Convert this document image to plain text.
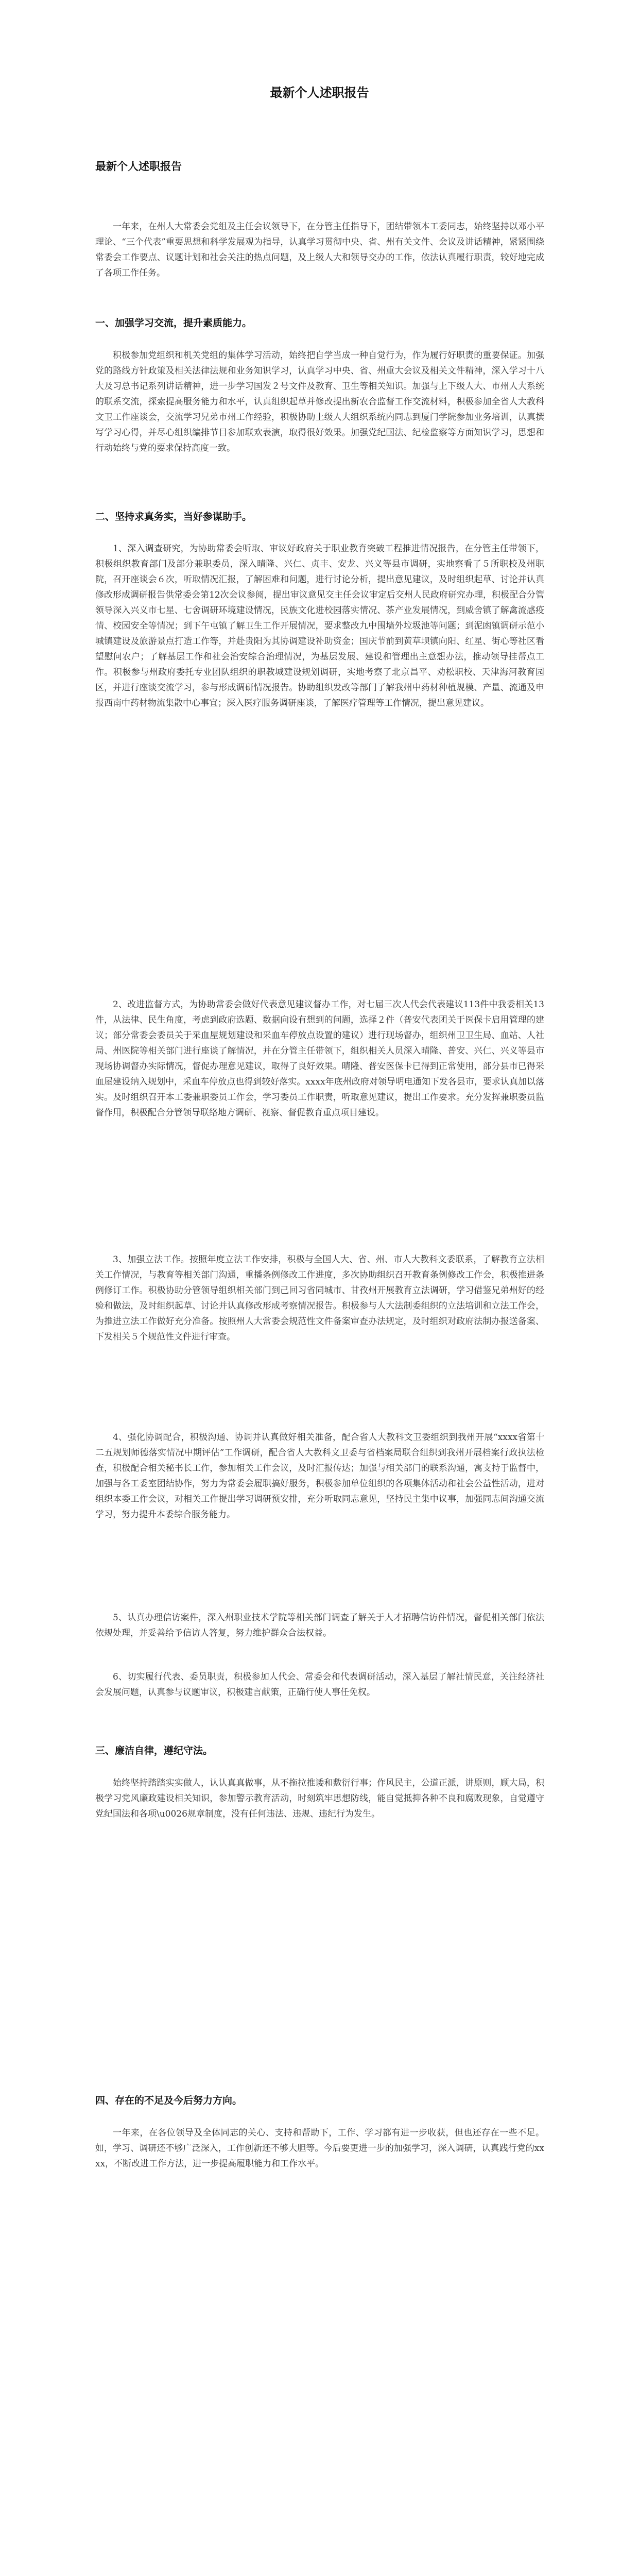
最新个人述职报告
最新个人述职报告

一年来，在州人大常委会党组及主任会议领导下，在分管主任指导下，团结带领本工委同志，始终坚持以邓小平理论、“三个代表”重要思想和科学发展观为指导，认真学习贯彻中央、省、州有关文件、会议及讲话精神，紧紧围绕常委会工作要点、议题计划和社会关注的热点问题，及上级人大和领导交办的工作，依法认真履行职责，较好地完成了各项工作任务。

一、加强学习交流，提升素质能力。

积极参加党组织和机关党组的集体学习活动，始终把自学当成一种自觉行为，作为履行好职责的重要保证。加强党的路线方针政策及相关法律法规和业务知识学习，认真学习中央、省、州重大会议及相关文件精神，深入学习十八大及习总书记系列讲话精神，进一步学习国发２号文件及教育、卫生等相关知识。加强与上下级人大、市州人大系统的联系交流，探索提高服务能力和水平，认真组织起草并修改提出新农合监督工作交流材料，积极参加全省人大教科文卫工作座谈会，交流学习兄弟市州工作经验，积极协助上级人大组织系统内同志到厦门学院参加业务培训，认真撰写学习心得，并尽心组织编排节目参加联欢表演，取得很好效果。加强党纪国法、纪检监察等方面知识学习，思想和行动始终与党的要求保持高度一致。

二、坚持求真务实，当好参谋助手。

1、深入调查研究，为协助常委会听取、审议好政府关于职业教育突破工程推进情况报告，在分管主任带领下，积极组织教育部门及部分兼职委员，深入晴隆、兴仁、贞丰、安龙、兴义等县市调研，实地察看了５所职校及州职院，召开座谈会６次，听取情况汇报，了解困难和问题，进行讨论分析，提出意见建议，及时组织起草、讨论并认真修改形成调研报告供常委会第12次会议参阅，提出审议意见交主任会议审定后交州人民政府研究办理，积极配合分管领导深入兴义市七星、七舍调研环境建设情况，民族文化进校园落实情况、茶产业发展情况，到威舍镇了解禽流感疫情、校园安全等情况；到下午屯镇了解卫生工作开展情况，要求整改九中围墙外垃圾池等问题；到泥凼镇调研示范小城镇建设及旅游景点打造工作等，并赴贵阳为其协调建设补助资金；国庆节前到黄草坝镇向阳、红星、街心等社区看望慰问农户；了解基层工作和社会治安综合治理情况，为基层发展、建设和管理出主意想办法，推动领导挂帮点工作。积极参与州政府委托专业团队组织的职教城建设规划调研，实地考察了北京昌平、劝松职校、天津海河教育园区，并进行座谈交流学习，参与形成调研情况报告。协助组织发改等部门了解我州中药材种植规模、产量、流通及申报西南中药材物流集散中心事宜；深入医疗服务调研座谈，了解医疗管理等工作情况，提出意见建议。

2、改进监督方式，为协助常委会做好代表意见建议督办工作，对七届三次人代会代表建议113件中我委相关13件，从法律、民生角度，考虑到政府选题、数据向设有想到的问题，选择２件（普安代表团关于医保卡启用管理的建议；部分常委会委员关于采血屋规划建设和采血车停放点设置的建议）进行现场督办，组织州卫卫生局、血站、人社局、州医院等相关部门进行座谈了解情况，并在分管主任带领下，组织相关人员深入晴隆、普安、兴仁、兴义等县市现场协调督办实际情况，督促办理意见建议，取得了良好效果。晴隆、普安医保卡已得到正常使用，部分县市已得采血屋建设纳入规划中，采血车停放点也得到较好落实。xxxx年底州政府对领导明电通知下发各县市，要求认真加以落实。及时组织召开本工委兼职委员工作会，学习委员工作职责，听取意见建议，提出工作要求。充分发挥兼职委员监督作用，积极配合分管领导联络地方调研、视察、督促教育重点项目建设。

3、加强立法工作。按照年度立法工作安排，积极与全国人大、省、州、市人大教科文委联系，了解教育立法相关工作情况，与教育等相关部门沟通，重播条例修改工作进度，多次协助组织召开教育条例修改工作会，积极推进条例修订工作。积极协助分管领导组织相关部门到己回习省同城市、甘孜州开展教育立法调研，学习借鉴兄弟州好的经验和做法，及时组织起草、讨论并认真修改形成考察情况报告。积极参与人大法制委组织的立法培训和立法工作会，为推进立法工作做好充分准备。按照州人大常委会规范性文件备案审查办法规定，及时组织对政府法制办报送备案、下发相关５个规范性文件进行审查。

4、强化协调配合，积极沟通、协调并认真做好相关准备，配合省人大教科文卫委组织到我州开展“xxxx省第十二五规划师德落实情况中期评估”工作调研，配合省人大教科文卫委与省档案局联合组织到我州开展档案行政执法检查，积极配合相关秘书长工作，参加相关工作会议，及时汇报传达；加强与相关部门的联系沟通，寓支持于监督中，加强与各工委室团结协作，努力为常委会履职搞好服务，积极参加单位组织的各项集体活动和社会公益性活动，进对组织本委工作会议，对相关工作提出学习调研预安排，充分听取同志意见，坚持民主集中议事，加强同志间沟通交流学习，努力提升本委综合服务能力。

5、认真办理信访案件，深入州职业技术学院等相关部门调查了解关于人才招聘信访件情况，督促相关部门依法依规处理，并妥善给予信访人答复，努力维护群众合法权益。

6、切实履行代表、委员职责，积极参加人代会、常委会和代表调研活动，深入基层了解社情民意，关注经济社会发展问题，认真参与议题审议，积极建言献策，正确行使人事任免权。

三、廉洁自律，遵纪守法。

始终坚持踏踏实实做人，认认真真做事，从不拖拉推诿和敷衍行事；作风民主，公道正派，讲原则，顾大局，积极学习党风廉政建设相关知识，参加警示教育活动，时刻筑牢思想防线，能自觉抵抑各种不良和腐败现象，自觉遵守党纪国法和各项\u0026规章制度，没有任何违法、违规、违纪行为发生。

四、存在的不足及今后努力方向。

一年来，在各位领导及全体同志的关心、支持和帮助下，工作、学习都有进一步收获，但也还存在一些不足。如，学习、调研还不够广泛深入，工作创新还不够大胆等。今后要更进一步的加强学习，深入调研，认真践行党的xxxx，不断改进工作方法，进一步提高履职能力和工作水平。
